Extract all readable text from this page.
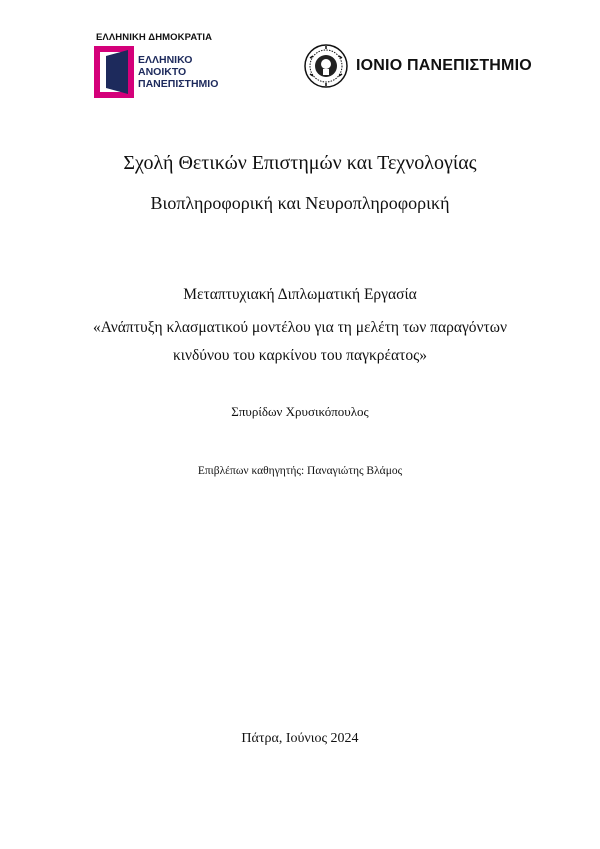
ΕΛΛΗΝΙΚΗ ΔΗΜΟΚΡΑΤΙΑ
ΕΛΛΗΝΙΚΟ
ΑΝΟΙΚΤΟ
ΠΑΝΕΠΙΣΤΗΜΙΟ
ΙΟΝΙΟ ΠΑΝΕΠΙΣΤΗΜΙΟ
Σχολή Θετικών Επιστημών και Τεχνολογίας
Βιοπληροφορική και Νευροπληροφορική
Μεταπτυχιακή Διπλωματική Εργασία
«Ανάπτυξη κλασματικού μοντέλου για τη μελέτη των παραγόντων
κινδύνου του καρκίνου του παγκρέατος»
Σπυρίδων Χρυσικόπουλος
Επιβλέπων καθηγητής: Παναγιώτης Βλάμος
Πάτρα, Ιούνιος 2024
